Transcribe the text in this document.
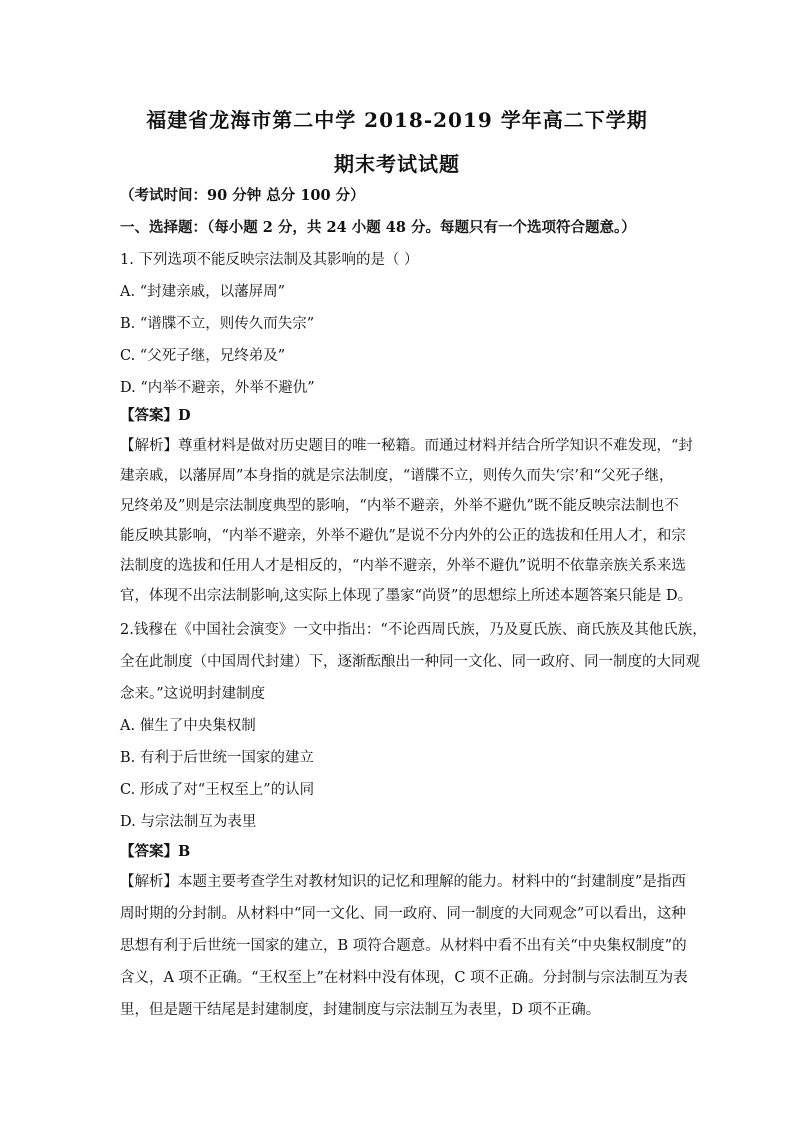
福建省龙海市第二中学 2018-2019 学年高二下学期
期末考试试题
（考试时间：90 分钟 总分 100 分）
一、选择题：（每小题 2 分，共 24 小题 48 分。每题只有一个选项符合题意。）
1. 下列选项不能反映宗法制及其影响的是（ ）
A. “封建亲戚，以藩屏周”
B. “谱牒不立，则传久而失宗”
C. “父死子继，兄终弟及”
D. “内举不避亲，外举不避仇”
【答案】D
【解析】尊重材料是做对历史题目的唯一秘籍。而通过材料并结合所学知识不难发现，“封
建亲戚，以藩屏周”本身指的就是宗法制度，“谱牒不立，则传久而失‘宗’和“父死子继，
兄终弟及”则是宗法制度典型的影响，“内举不避亲，外举不避仇”既不能反映宗法制也不
能反映其影响，“内举不避亲，外举不避仇”是说不分内外的公正的选拔和任用人才，和宗
法制度的选拔和任用人才是相反的，“内举不避亲，外举不避仇”说明不依靠亲族关系来选
官，体现不出宗法制影响,这实际上体现了墨家“尚贤”的思想综上所述本题答案只能是 D。
2.钱穆在《中国社会演变》一文中指出：“不论西周氏族，乃及夏氏族、商氏族及其他氏族，
全在此制度（中国周代封建）下，逐渐酝酿出一种同一文化、同一政府、同一制度的大同观
念来。”这说明封建制度
A. 催生了中央集权制
B. 有利于后世统一国家的建立
C. 形成了对“王权至上”的认同
D. 与宗法制互为表里
【答案】B
【解析】本题主要考查学生对教材知识的记忆和理解的能力。材料中的“封建制度”是指西
周时期的分封制。从材料中“同一文化、同一政府、同一制度的大同观念”可以看出，这种
思想有利于后世统一国家的建立，B 项符合题意。从材料中看不出有关“中央集权制度”的
含义，A 项不正确。“王权至上”在材料中没有体现，C 项不正确。分封制与宗法制互为表
里，但是题干结尾是封建制度，封建制度与宗法制互为表里，D 项不正确。
